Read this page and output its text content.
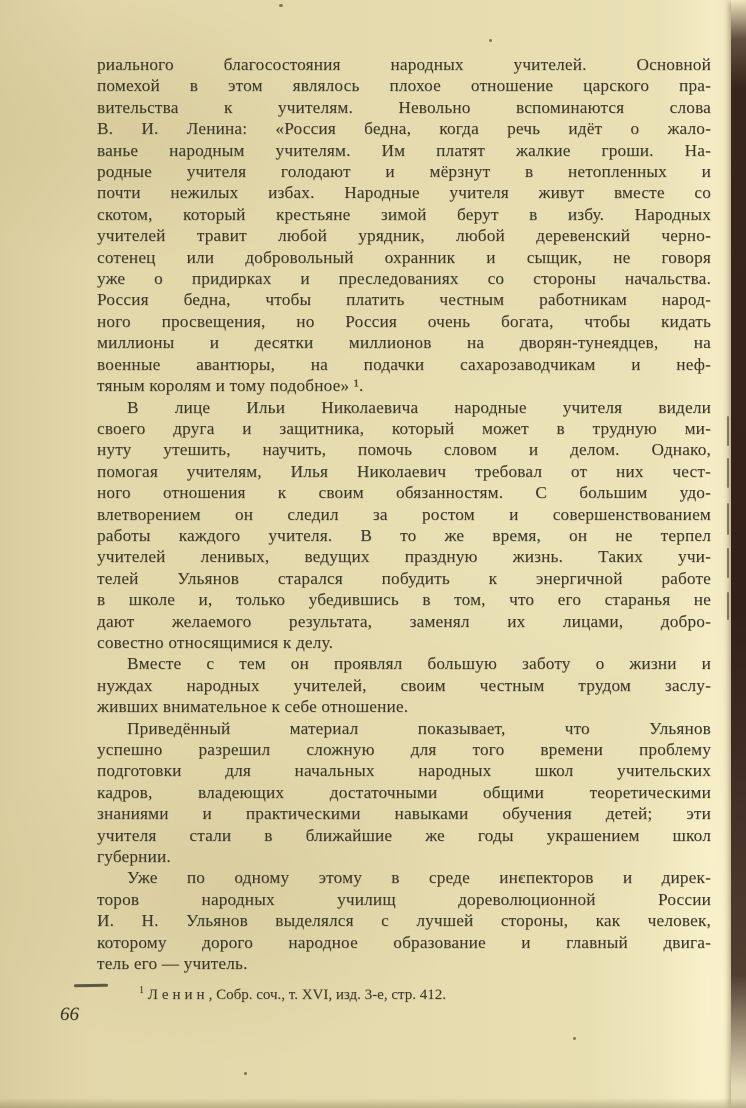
риального благосостояния народных учителей. Основной
помехой в этом являлось плохое отношение царского пра-
вительства к учителям. Невольно вспоминаются слова
В. И. Ленина: «Россия бедна, когда речь идёт о жало-
ванье народным учителям. Им платят жалкие гроши. На-
родные учителя голодают и мёрзнут в нетопленных и
почти нежилых избах. Народные учителя живут вместе со
скотом, который крестьяне зимой берут в избу. Народных
учителей травит любой урядник, любой деревенский черно-
сотенец или добровольный охранник и сыщик, не говоря
уже о придирках и преследованиях со стороны начальства.
Россия бедна, чтобы платить честным работникам народ-
ного просвещения, но Россия очень богата, чтобы кидать
миллионы и десятки миллионов на дворян-тунеядцев, на
военные авантюры, на подачки сахарозаводчикам и неф-
тяным королям и тому подобное» ¹.
В лице Ильи Николаевича народные учителя видели
своего друга и защитника, который может в трудную ми-
нуту утешить, научить, помочь словом и делом. Однако,
помогая учителям, Илья Николаевич требовал от них чест-
ного отношения к своим обязанностям. С большим удо-
влетворением он следил за ростом и совершенствованием
работы каждого учителя. В то же время, он не терпел
учителей ленивых, ведущих праздную жизнь. Таких учи-
телей Ульянов старался побудить к энергичной работе
в школе и, только убедившись в том, что его старанья не
дают желаемого результата, заменял их лицами, добро-
совестно относящимися к делу.
Вместе с тем он проявлял большую заботу о жизни и
нуждах народных учителей, своим честным трудом заслу-
живших внимательное к себе отношение.
Приведённый материал показывает, что Ульянов
успешно разрешил сложную для того времени проблему
подготовки для начальных народных школ учительских
кадров, владеющих достаточными общими теоретическими
знаниями и практическими навыками обучения детей; эти
учителя стали в ближайшие же годы украшением школ
губернии.
Уже по одному этому в среде инспекторов и дирек-
торов народных училищ дореволюционной России
И. Н. Ульянов выделялся с лучшей стороны, как человек,
которому дорого народное образование и главный двига-
тель его — учитель.
$^1$ Ленин, Собр. соч., т. XVI, изд. 3-е, стр. 412.
66
